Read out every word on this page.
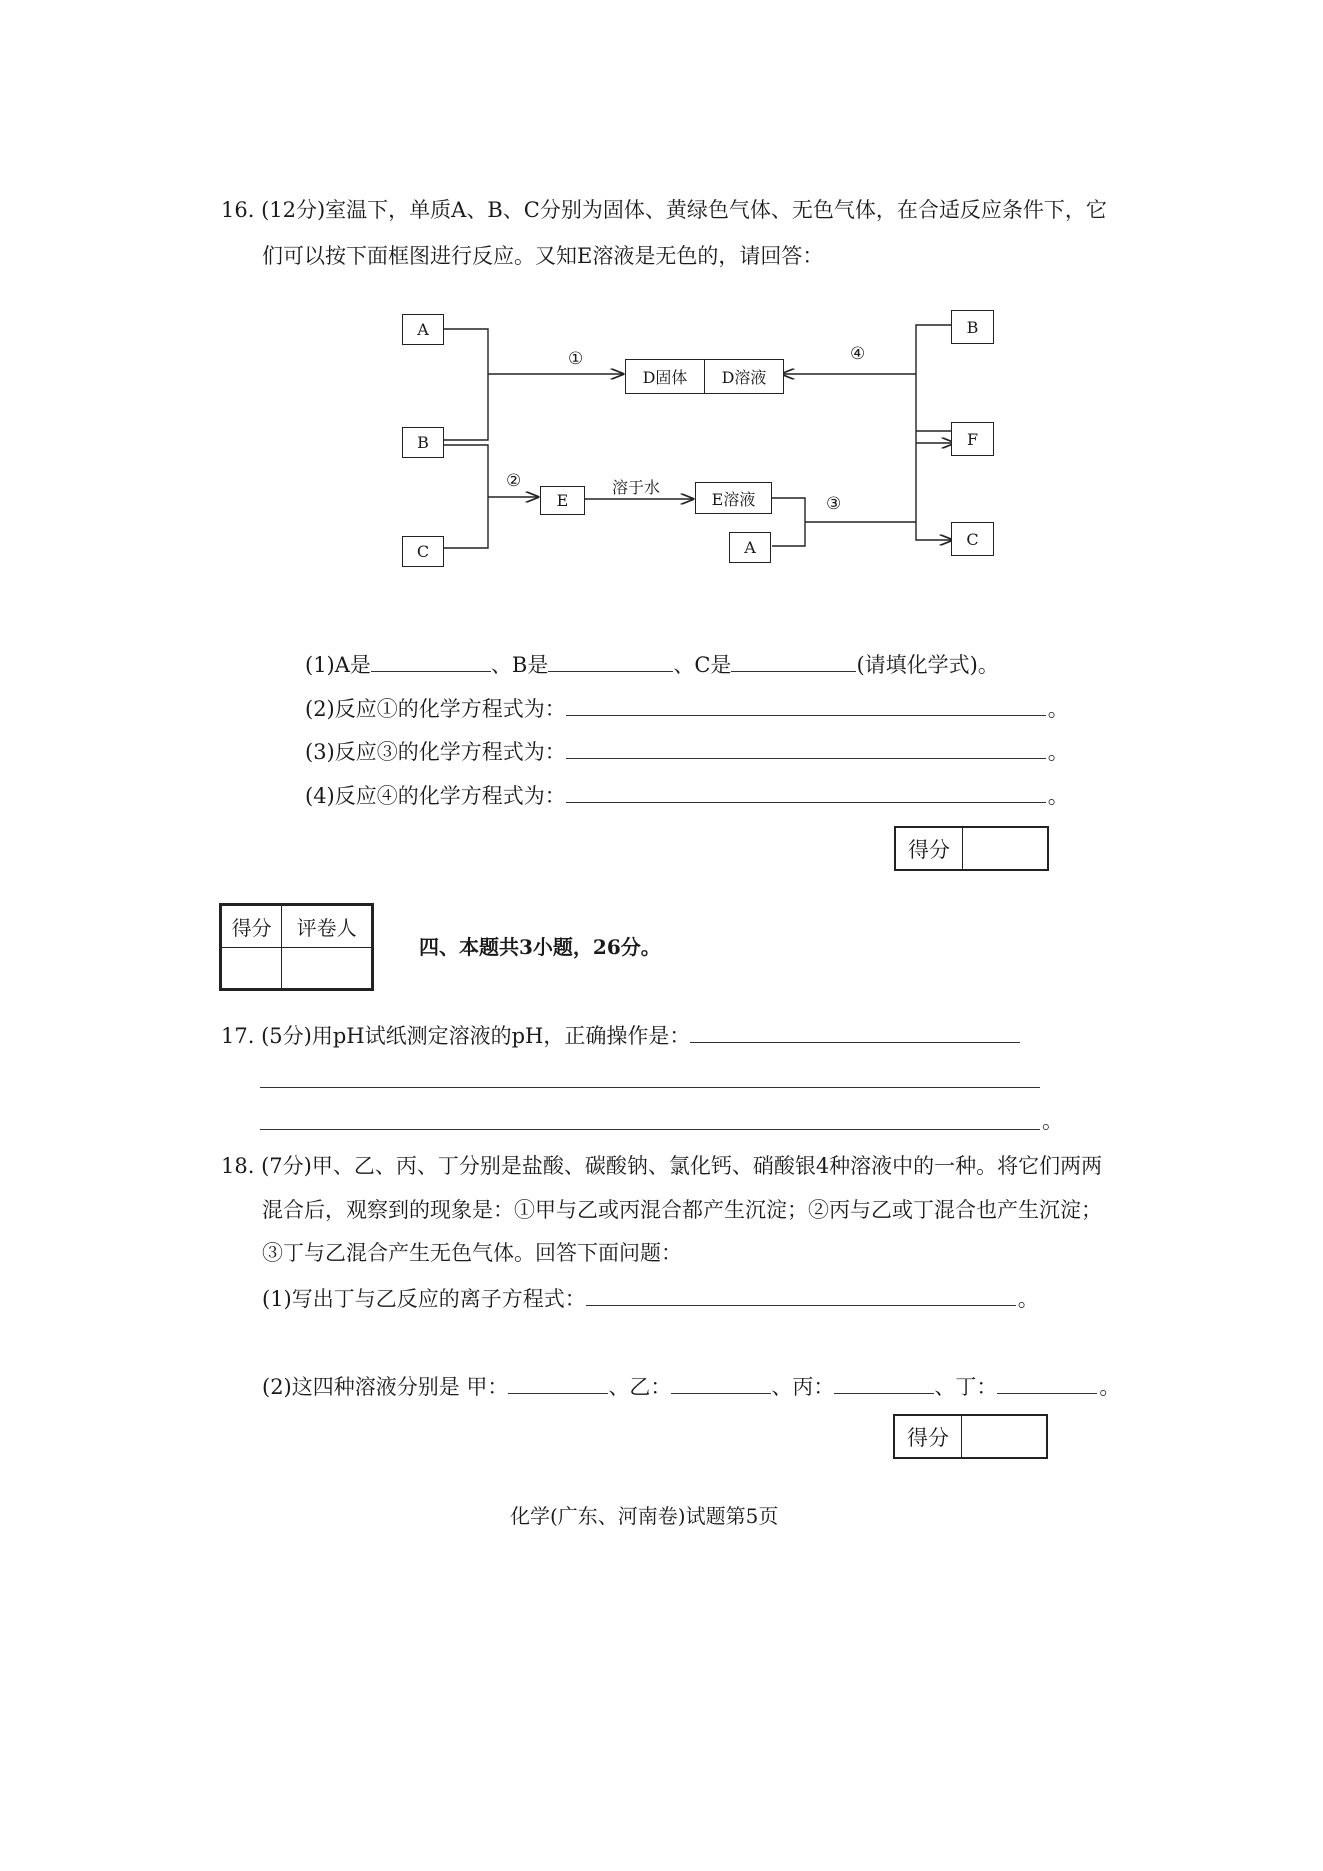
16. (12分)室温下，单质A、B、C分别为固体、黄绿色气体、无色气体，在合适反应条件下，它
们可以按下面框图进行反应。又知E溶液是无色的，请回答：
A
B
C
D固体	D溶液
E	E溶液
A
B
F
C
①
②
③
④
溶于水
(1)A是	、B是	、C是	(请填化学式)。
(2)反应①的化学方程式为：	。
(3)反应③的化学方程式为：	。
(4)反应④的化学方程式为：	。
得分
得分	评卷人

四、本题共3小题，26分。
17. (5分)用pH试纸测定溶液的pH，正确操作是：
。
18. (7分)甲、乙、丙、丁分别是盐酸、碳酸钠、氯化钙、硝酸银4种溶液中的一种。将它们两两
混合后，观察到的现象是：①甲与乙或丙混合都产生沉淀；②丙与乙或丁混合也产生沉淀；
③丁与乙混合产生无色气体。回答下面问题：
(1)写出丁与乙反应的离子方程式：	。
(2)这四种溶液分别是 甲：	、乙：	、丙：	、丁：	。
得分
化学(广东、河南卷)试题第5页
